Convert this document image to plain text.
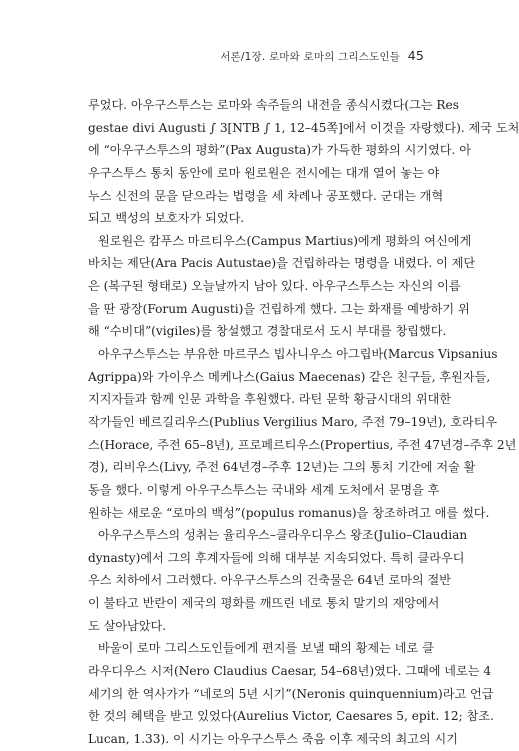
서론/1장. 로마와 로마의 그리스도인들 45
루었다. 아우구스투스는 로마와 속주들의 내전을 종식시켰다(그는 Res
gestae divi Augusti ∫ 3[NTB ∫ 1, 12–45쪽]에서 이것을 자랑했다). 제국 도처
에 “아우구스투스의 평화”(Pax Augusta)가 가득한 평화의 시기였다. 아
우구스투스 통치 동안에 로마 원로원은 전시에는 대개 열어 놓는 야
누스 신전의 문을 닫으라는 법령을 세 차례나 공포했다. 군대는 개혁
되고 백성의 보호자가 되었다.
원로원은 캄푸스 마르티우스(Campus Martius)에게 평화의 여신에게
바치는 제단(Ara Pacis Autustae)을 건립하라는 명령을 내렸다. 이 제단
은 (복구된 형태로) 오늘날까지 남아 있다. 아우구스투스는 자신의 이름
을 딴 광장(Forum Augusti)을 건립하게 했다. 그는 화재를 예방하기 위
해 “수비대”(vigiles)를 창설했고 경찰대로서 도시 부대를 창립했다.
아우구스투스는 부유한 마르쿠스 빕사니우스 아그립바(Marcus Vipsanius
Agrippa)와 가이우스 메케나스(Gaius Maecenas) 같은 친구들, 후원자들,
지지자들과 함께 인문 과학을 후원했다. 라틴 문학 황금시대의 위대한
작가들인 베르길리우스(Publius Vergilius Maro, 주전 79–19년), 호라티우
스(Horace, 주전 65–8년), 프로페르티우스(Propertius, 주전 47년경–주후 2년
경), 리비우스(Livy, 주전 64년경–주후 12년)는 그의 통치 기간에 저술 활
동을 했다. 이렇게 아우구스투스는 국내와 세계 도처에서 문명을 후
원하는 새로운 “로마의 백성”(populus romanus)을 창조하려고 애를 썼다.
아우구스투스의 성취는 율리우스–클라우디우스 왕조(Julio–Claudian
dynasty)에서 그의 후계자들에 의해 대부분 지속되었다. 특히 클라우디
우스 치하에서 그러했다. 아우구스투스의 건축물은 64년 로마의 절반
이 불타고 반란이 제국의 평화를 깨뜨린 네로 통치 말기의 재앙에서
도 살아남았다.
바울이 로마 그리스도인들에게 편지를 보낼 때의 황제는 네로 클
라우디우스 시저(Nero Claudius Caesar, 54–68년)였다. 그때에 네로는 4
세기의 한 역사가가 “네로의 5년 시기”(Neronis quinquennium)라고 언급
한 것의 혜택을 받고 있었다(Aurelius Victor, Caesares 5, epit. 12; 참조.
Lucan, 1.33). 이 시기는 아우구스투스 죽음 이후 제국의 최고의 시기
